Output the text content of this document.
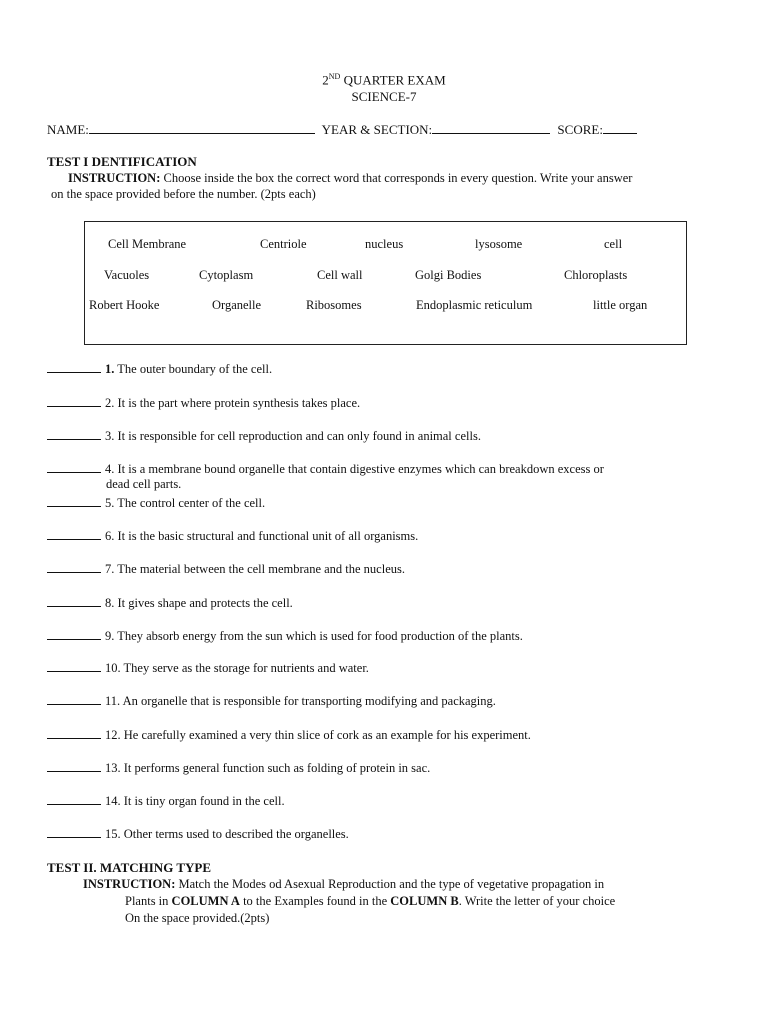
2ND QUARTER EXAM
SCIENCE-7
NAME:	YEAR & SECTION:	SCORE:
TEST I DENTIFICATION
INSTRUCTION: Choose inside the box the correct word that corresponds in every question. Write your answer
on the space provided before the number. (2pts each)
Cell Membrane	Centriole	nucleus	lysosome	cell
Vacuoles	Cytoplasm	Cell wall	Golgi Bodies	Chloroplasts
Robert Hooke	Organelle	Ribosomes	Endoplasmic reticulum	little organ
1. The outer boundary of the cell.
2. It is the part where protein synthesis takes place.
3. It is responsible for cell reproduction and can only found in animal cells.
4. It is a membrane bound organelle that contain digestive enzymes which can breakdown excess or
dead cell parts.
5. The control center of the cell.
6. It is the basic structural and functional unit of all organisms.
7. The material between the cell membrane and the nucleus.
8. It gives shape and protects the cell.
9. They absorb energy from the sun which is used for food production of the plants.
10. They serve as the storage for nutrients and water.
11. An organelle that is responsible for transporting modifying and packaging.
12. He carefully examined a very thin slice of cork as an example for his experiment.
13. It performs general function such as folding of protein in sac.
14. It is tiny organ found in the cell.
15. Other terms used to described the organelles.
TEST II. MATCHING TYPE
INSTRUCTION: Match the Modes od Asexual Reproduction and the type of vegetative propagation in
Plants in COLUMN A to the Examples found in the COLUMN B. Write the letter of your choice
On the space provided.(2pts)
